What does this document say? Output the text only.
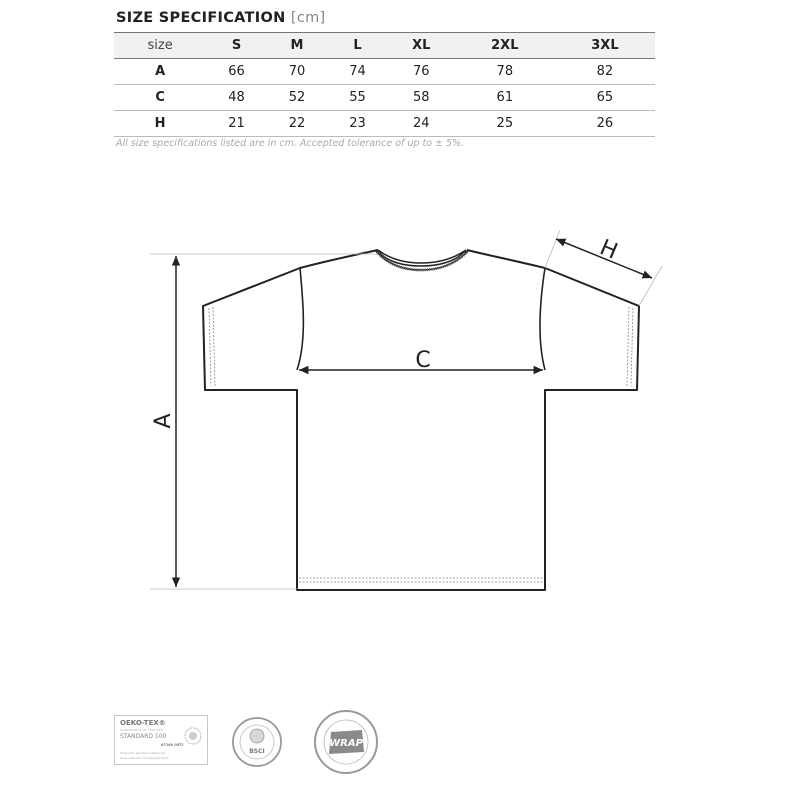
SIZE SPECIFICATION [cm]
size	S	M	L	XL	2XL	3XL
A	66	70	74	76	78	82
C	48	52	55	58	61	65
H	21	22	23	24	25	26
All size specifications listed are in cm. Accepted tolerance of up to ± 5%.
A
C
H
OEKO-TEX®
CONFIDENCE IN TEXTILES
STANDARD 100
67160 OETI
Tested for harmful substances
www.oeko-tex.com/standard100
BSCI
WRAP
